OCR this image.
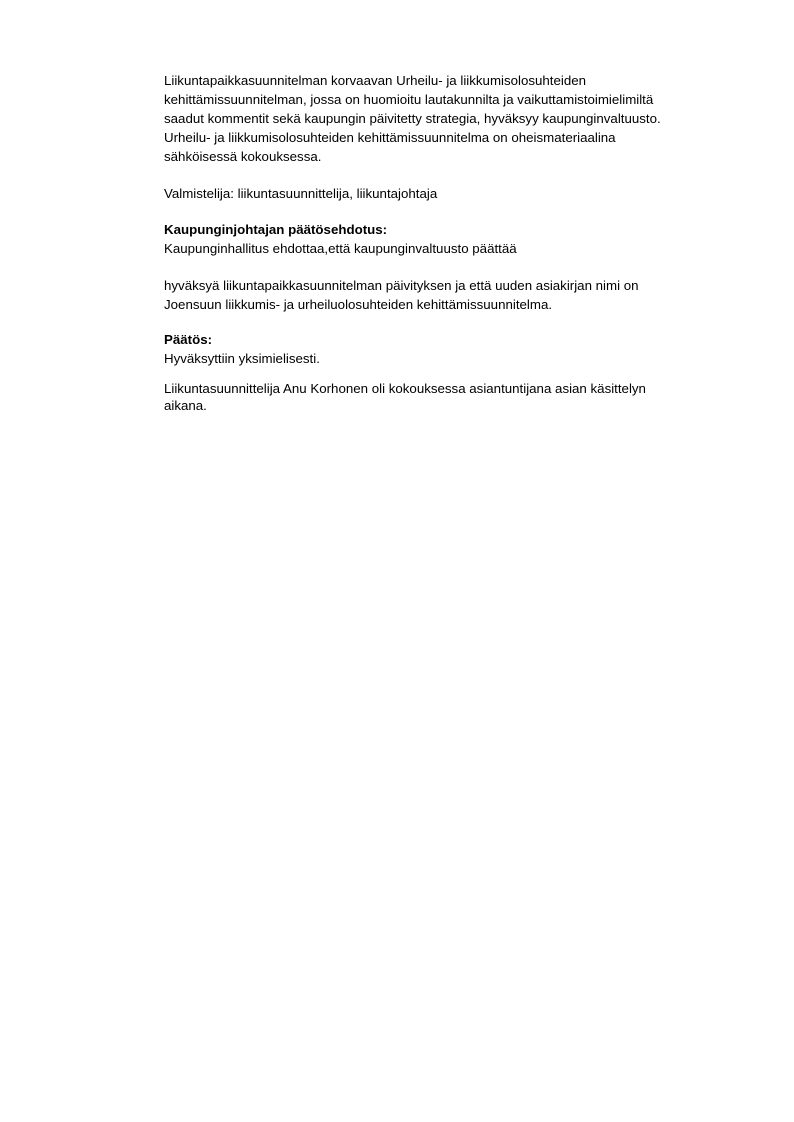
Liikuntapaikkasuunnitelman korvaavan Urheilu- ja liikkumisolosuhteiden
kehittämissuunnitelman, jossa on huomioitu lautakunnilta ja vaikuttamistoimielimiltä
saadut kommentit sekä kaupungin päivitetty strategia, hyväksyy kaupunginvaltuusto.
Urheilu- ja liikkumisolosuhteiden kehittämissuunnitelma on oheismateriaalina
sähköisessä kokouksessa.

Valmistelija: liikuntasuunnittelija, liikuntajohtaja

Kaupunginjohtajan päätösehdotus:

Kaupunginhallitus ehdottaa,että kaupunginvaltuusto päättää

hyväksyä liikuntapaikkasuunnitelman päivityksen ja että uuden asiakirjan nimi on
Joensuun liikkumis- ja urheiluolosuhteiden kehittämissuunnitelma.

Päätös:

Hyväksyttiin yksimielisesti.

Liikuntasuunnittelija Anu Korhonen oli kokouksessa asiantuntijana asian käsittelyn
aikana.
